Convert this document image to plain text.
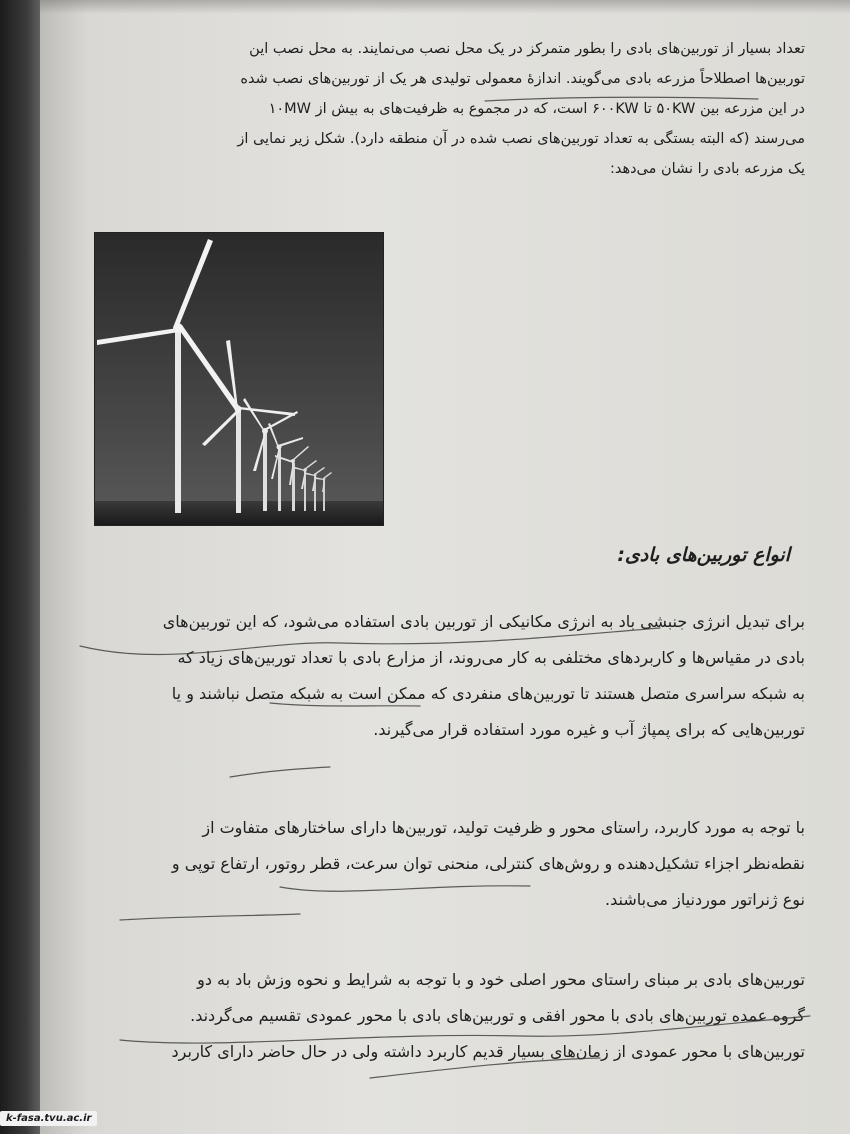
تعداد بسیار از توربین‌های بادی را بطور متمرکز در یک محل نصب می‌نمایند. به محل نصب این
توربین‌ها اصطلاحاً مزرعه بادی می‌گویند. اندازهٔ معمولی تولیدی هر یک از توربین‌های نصب شده
در این مزرعه بین ۵۰KW تا ۶۰۰KW است، که در مجموع به ظرفیت‌های به بیش از ۱۰MW
می‌رسند (که البته بستگی به تعداد توربین‌های نصب شده در آن منطقه دارد). شکل زیر نمایی از
یک مزرعه بادی را نشان می‌دهد:
انواع توربین‌های بادی:
برای تبدیل انرژی جنبشی باد به انرژی مکانیکی از توربین بادی استفاده می‌شود، که این توربین‌های
بادی در مقیاس‌ها و کاربردهای مختلفی به کار می‌روند، از مزارع بادی با تعداد توربین‌های زیاد که
به شبکه سراسری متصل هستند تا توربین‌های منفردی که ممکن است به شبکه متصل نباشند و یا
توربین‌هایی که برای پمپاژ آب و غیره مورد استفاده قرار می‌گیرند.
با توجه به مورد کاربرد، راستای محور و ظرفیت تولید، توربین‌ها دارای ساختارهای متفاوت از
نقطه‌نظر اجزاء تشکیل‌دهنده و روش‌های کنترلی، منحنی توان سرعت، قطر روتور، ارتفاع توپی و
نوع ژنراتور مورد‌نیاز می‌باشند.
توربین‌های بادی بر مبنای راستای محور اصلی خود و با توجه به شرایط و نحوه وزش باد به دو
گروه عمده توربین‌های بادی با محور افقی و توربین‌های بادی با محور عمودی تقسیم می‌گردند.
توربین‌های با محور عمودی از زمان‌های بسیار قدیم کاربرد داشته ولی در حال حاضر دارای کاربرد
k-fasa.tvu.ac.ir
